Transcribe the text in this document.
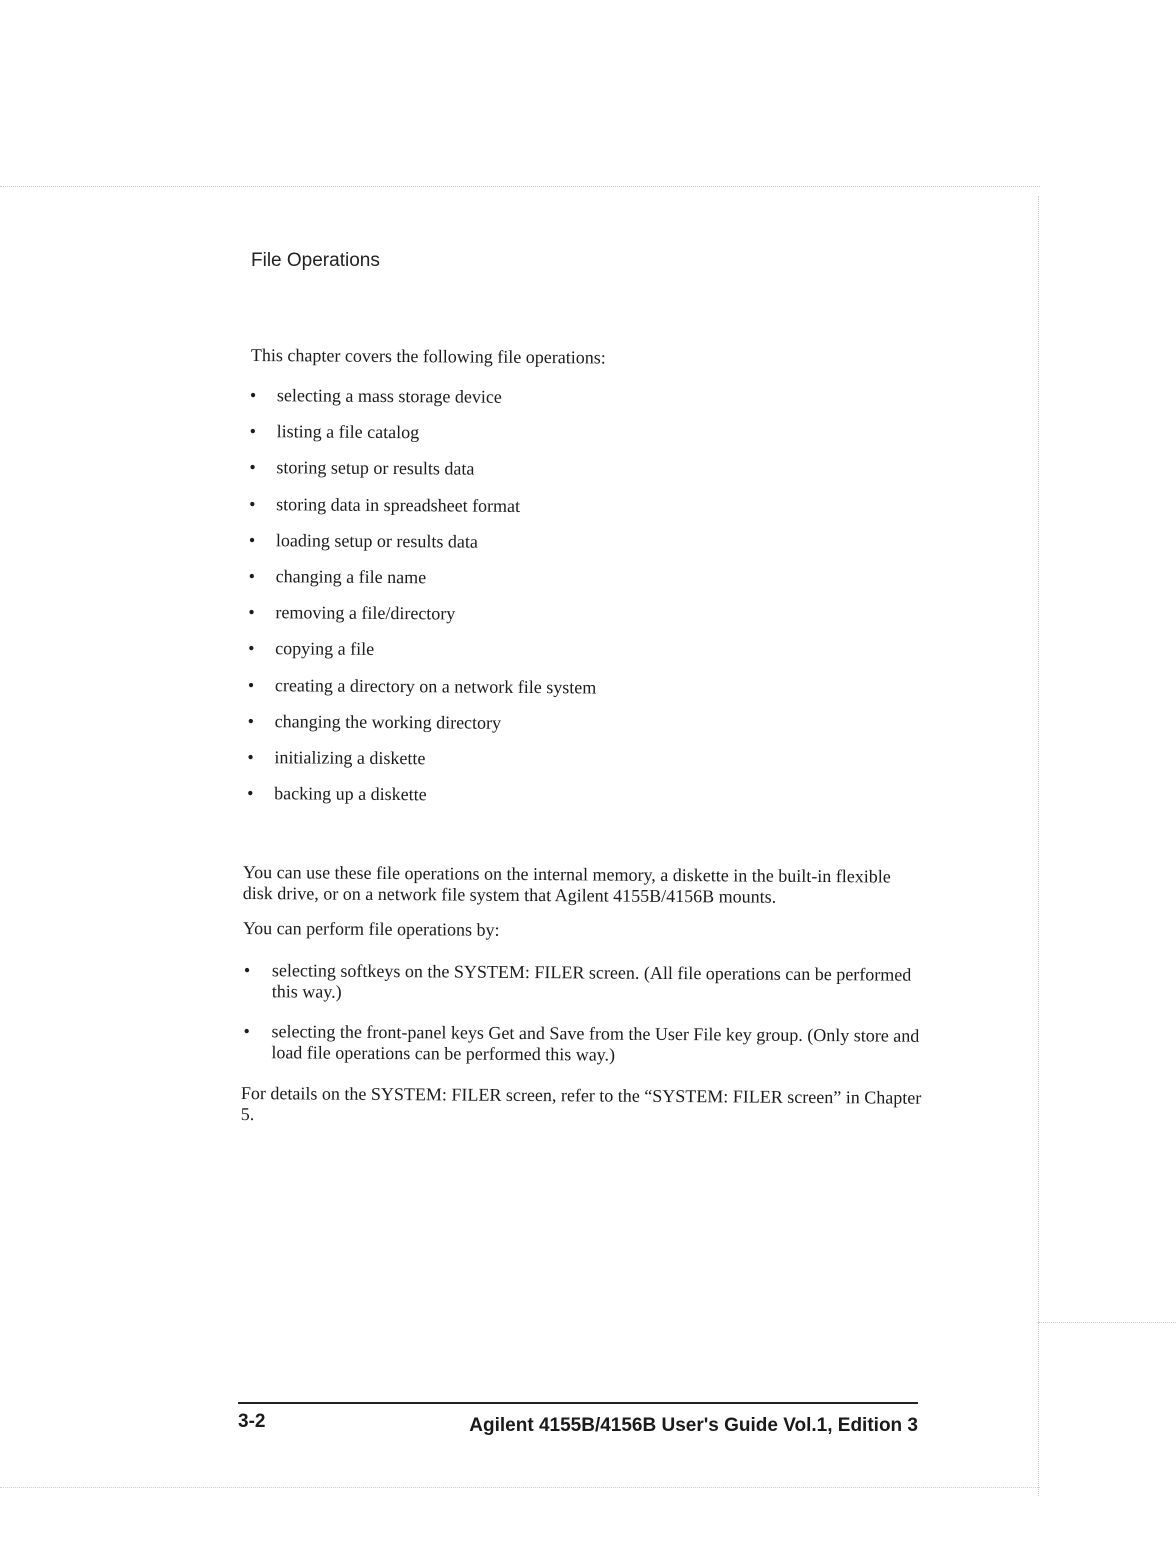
File Operations

This chapter covers the following file operations:

• selecting a mass storage device
• listing a file catalog
• storing setup or results data
• storing data in spreadsheet format
• loading setup or results data
• changing a file name
• removing a file/directory
• copying a file
• creating a directory on a network file system
• changing the working directory
• initializing a diskette
• backing up a diskette

You can use these file operations on the internal memory, a diskette in the built-in flexible disk drive, or on a network file system that Agilent 4155B/4156B mounts.

You can perform file operations by:

• selecting softkeys on the SYSTEM: FILER screen. (All file operations can be performed this way.)
• selecting the front-panel keys Get and Save from the User File key group. (Only store and load file operations can be performed this way.)

For details on the SYSTEM: FILER screen, refer to the “SYSTEM: FILER screen” in Chapter 5.

3-2	Agilent 4155B/4156B User's Guide Vol.1, Edition 3
